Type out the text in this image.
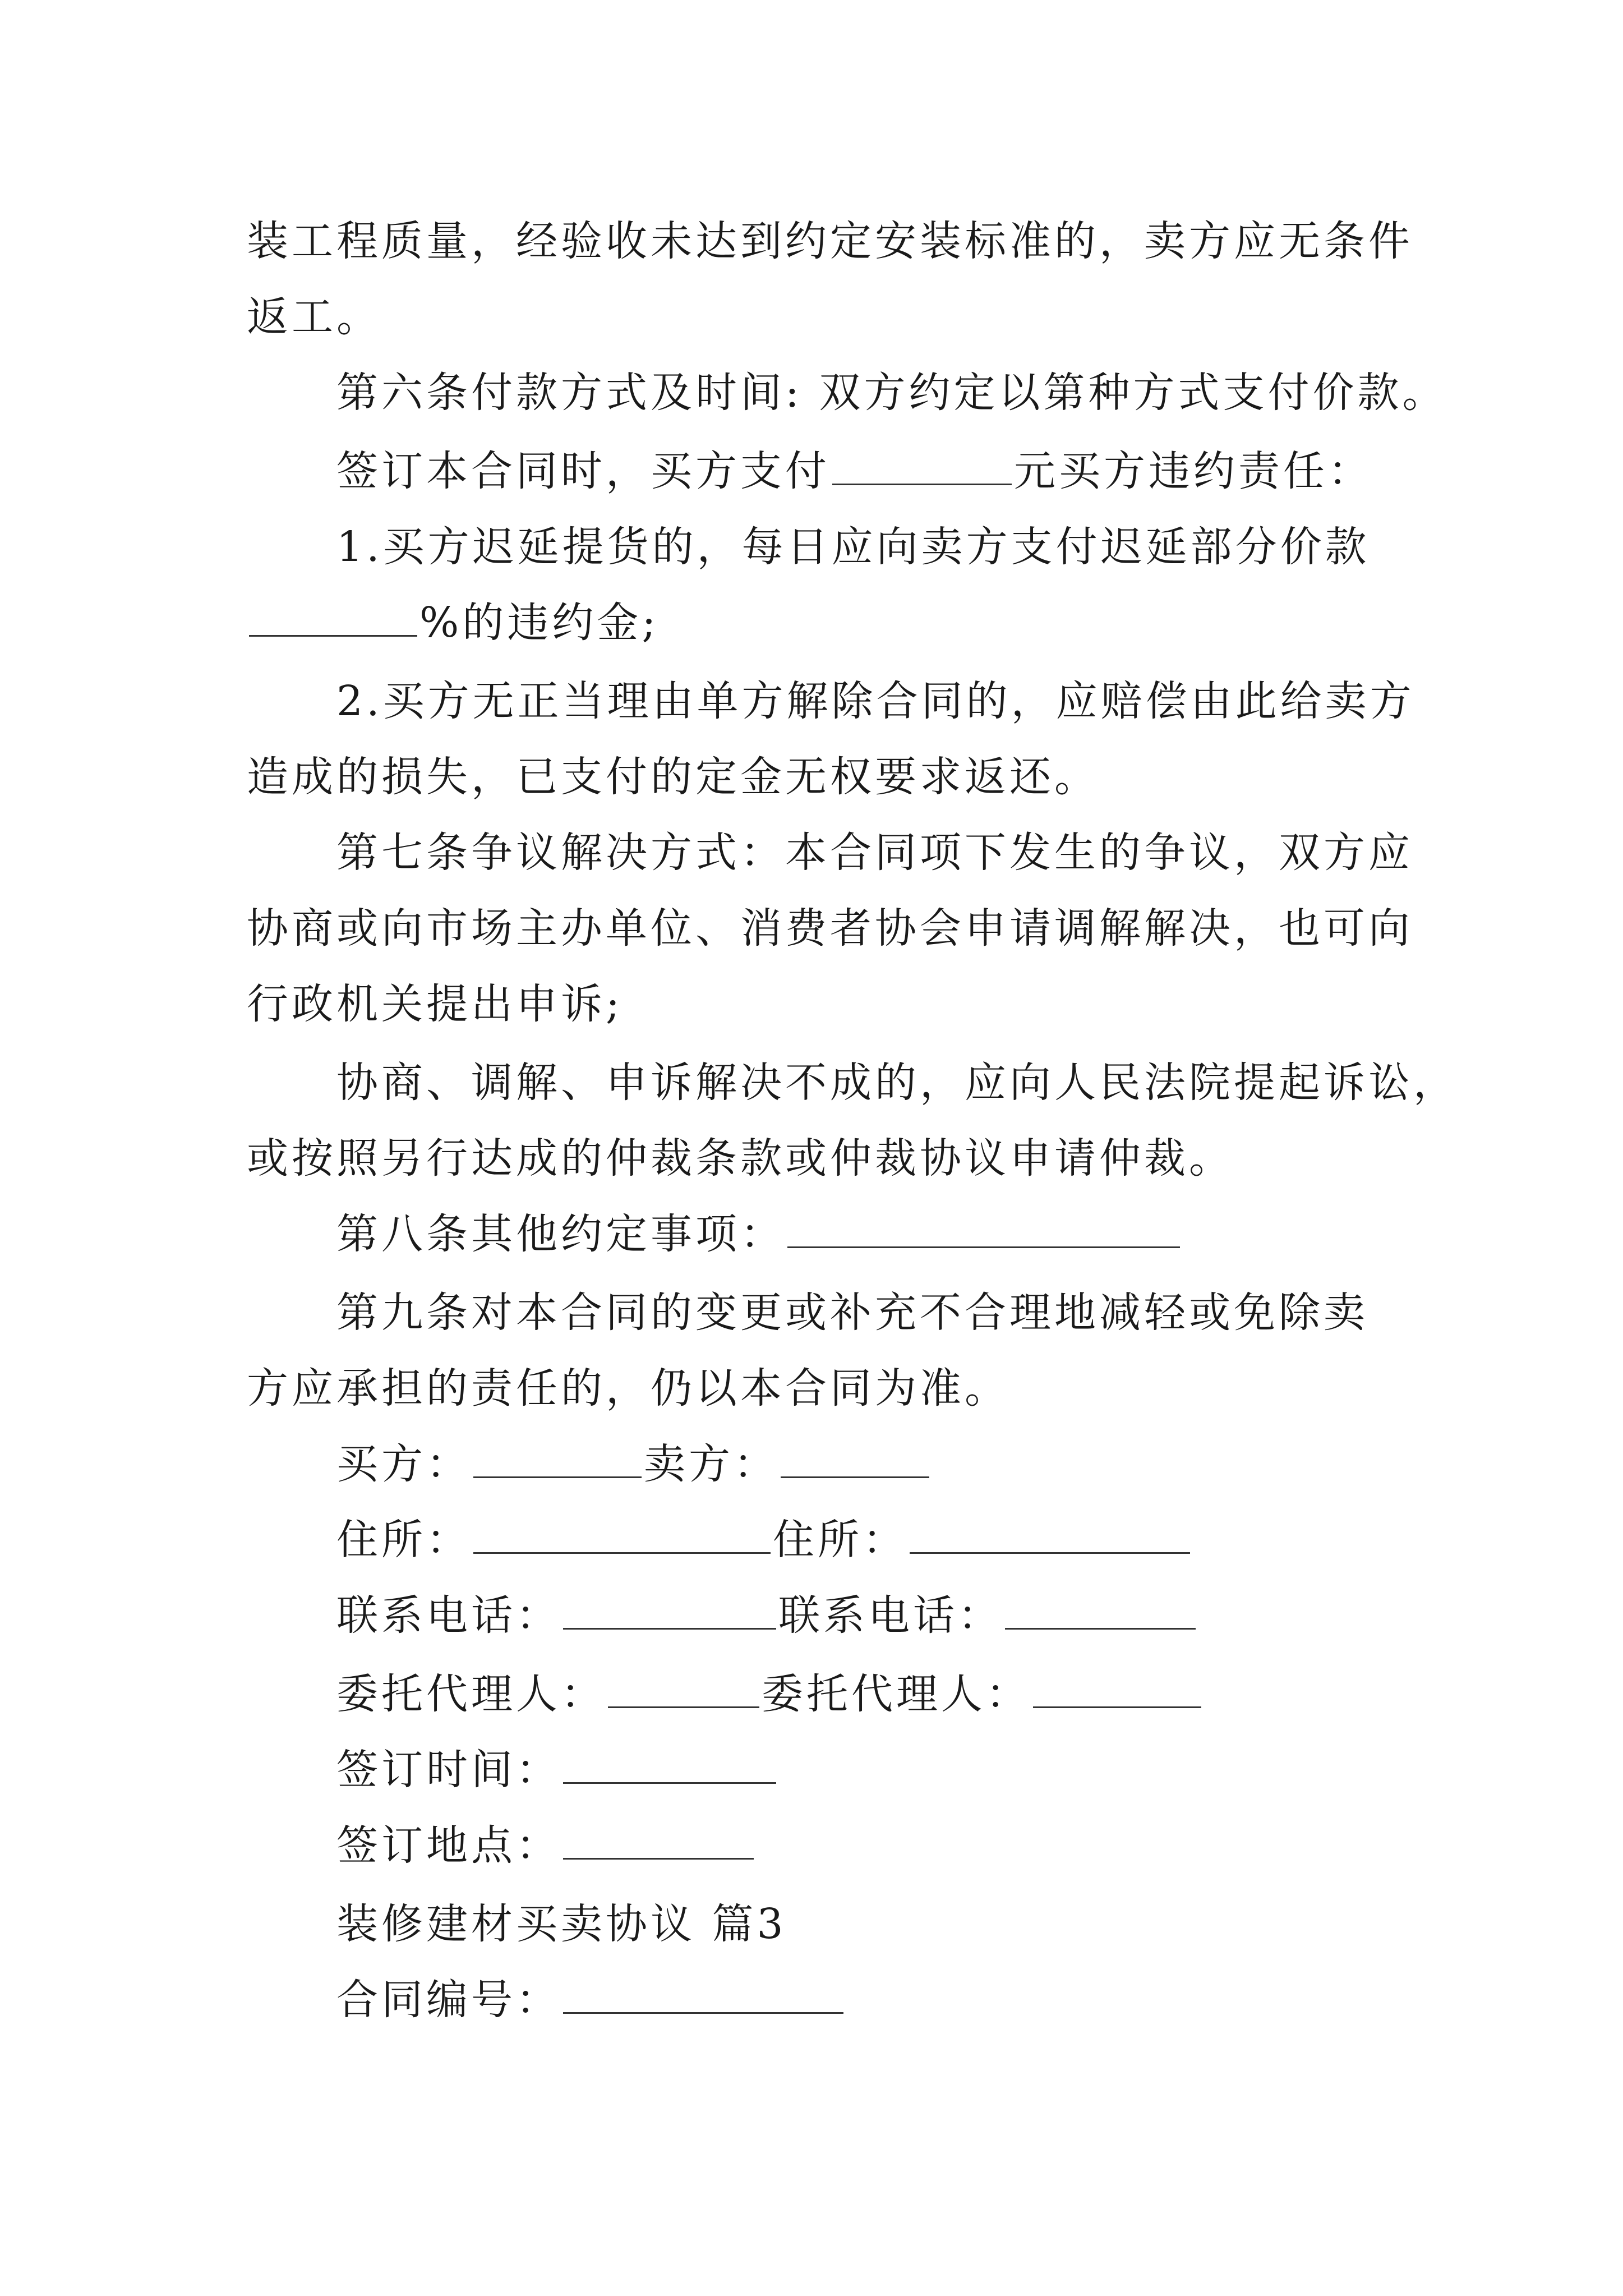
装工程质量，经验收未达到约定安装标准的，卖方应无条件
返工。
第六条付款方式及时间: 双方约定以第种方式支付价款。
签订本合同时，买方支付	元买方违约责任：
1.买方迟延提货的，每日应向卖方支付迟延部分价款
%的违约金;
2.买方无正当理由单方解除合同的，应赔偿由此给卖方
造成的损失，已支付的定金无权要求返还。
第七条争议解决方式：本合同项下发生的争议，双方应
协商或向市场主办单位、消费者协会申请调解解决，也可向
行政机关提出申诉;
协商、调解、申诉解决不成的，应向人民法院提起诉讼，
或按照另行达成的仲裁条款或仲裁协议申请仲裁。
第八条其他约定事项：
第九条对本合同的变更或补充不合理地减轻或免除卖
方应承担的责任的，仍以本合同为准。
买方：	卖方：
住所：	住所：
联系电话：	联系电话：
委托代理人：	委托代理人：
签订时间：
签订地点：
装修建材买卖协议 篇3
合同编号：
